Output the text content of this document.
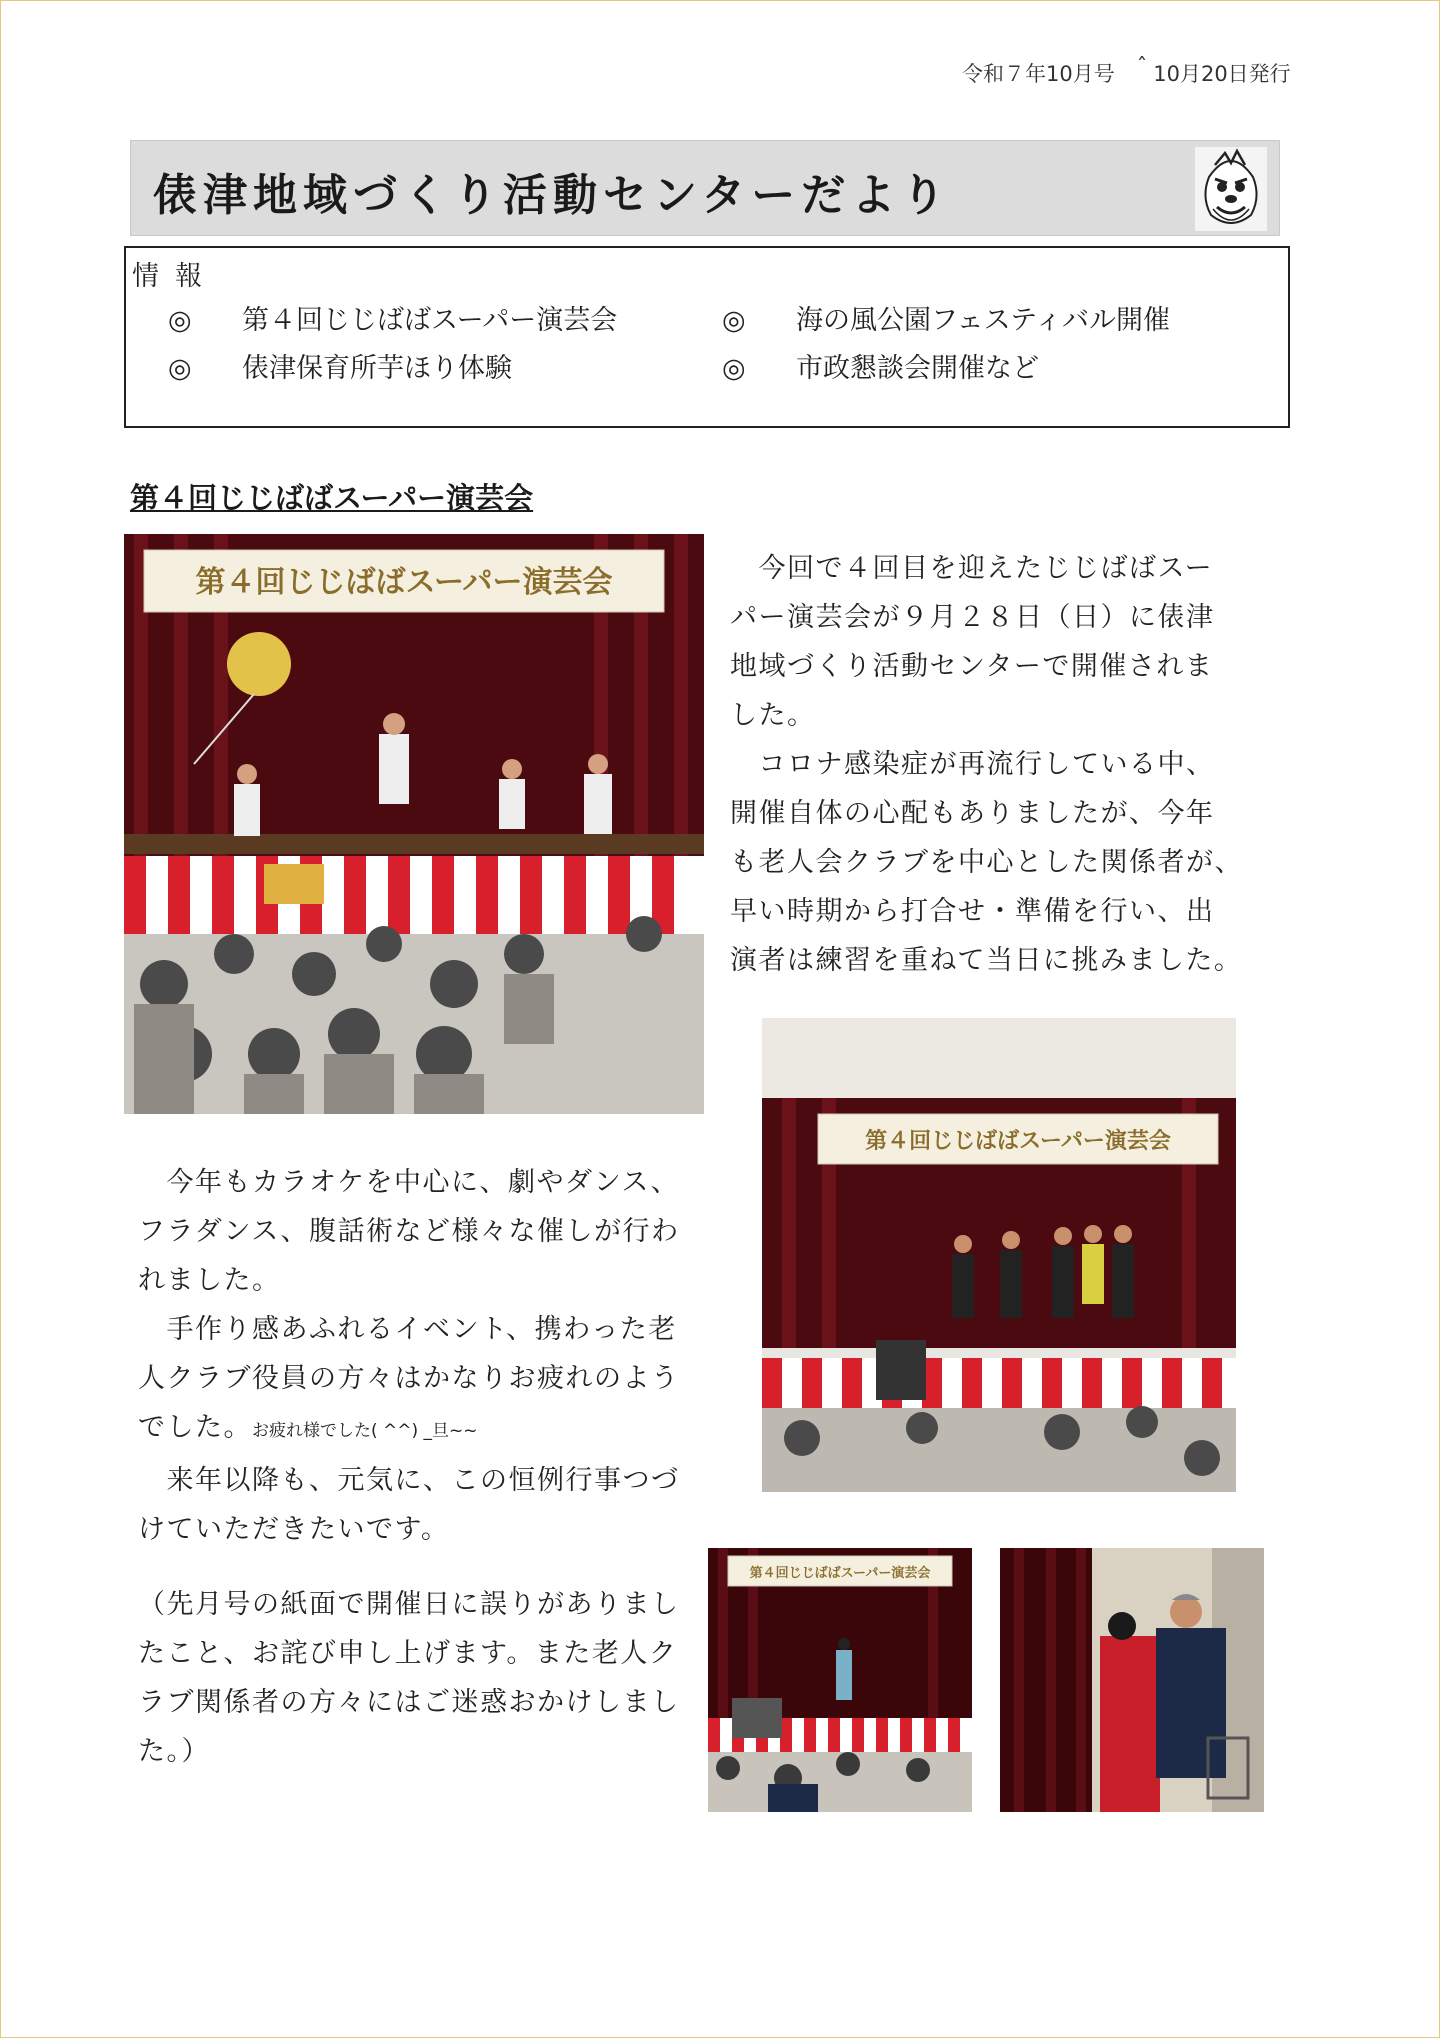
令和７年10月号 ˆ 10月20日発行
俵津地域づくり活動センターだより
情報
◎ 第４回じじばばスーパー演芸会	◎ 海の風公園フェスティバル開催
◎ 俵津保育所芋ほり体験	◎ 市政懇談会開催など
第４回じじばばスーパー演芸会
第４回じじばばスーパー演芸会

　	今回で４回目を迎えたじじばばスー

パー演芸会が９月２８日（日）に俵津

地域づくり活動センターで開催されま

した。

　コロナ感染症が再流行している中、

開催自体の心配もありましたが、今年

も老人会クラブを中心とした関係者が、

早い時期から打合せ・準備を行い、出

演者は練習を重ねて当日に挑みました。

第４回じじばばスーパー演芸会

　今年もカラオケを中心に、劇やダンス、

フラダンス、腹話術など様々な催しが行わ

れました。

　手作り感あふれるイベント、携わった老

人クラブ役員の方々はかなりお疲れのよう

でした。お疲れ様でした( ^^) _旦~~

　来年以降も、元気に、この恒例行事つづ

けていただきたいです。

（先月号の紙面で開催日に誤りがありまし

たこと、お詫び申し上げます。また老人ク

ラブ関係者の方々にはご迷惑おかけしまし

た。）

第４回じじばばスーパー演芸会
